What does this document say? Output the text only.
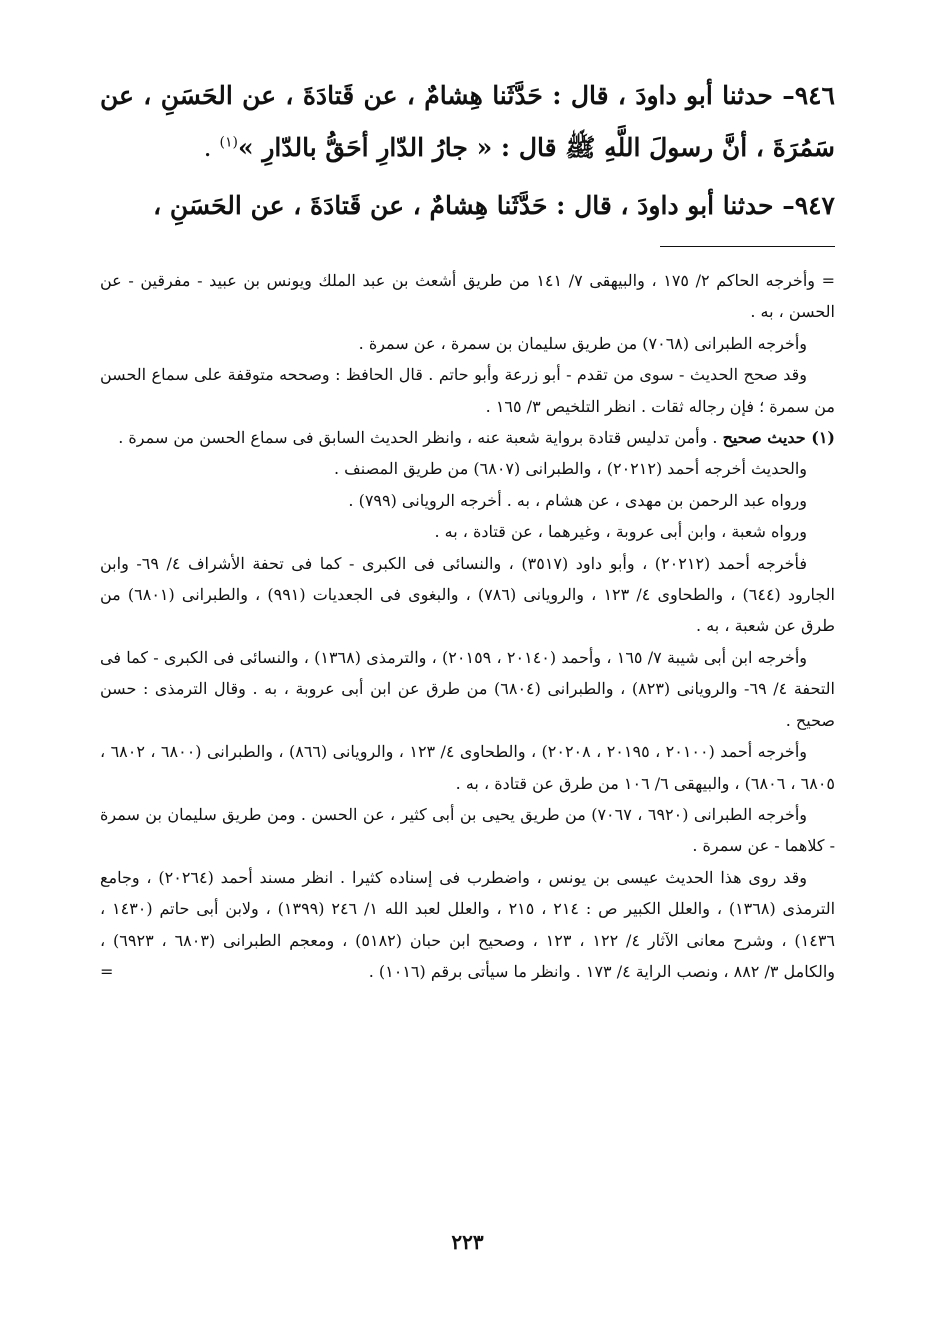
٩٤٦– حدثنا أبو داودَ ، قال : حَدَّثَنا هِشامٌ ، عن قَتادَةَ ، عن الحَسَنِ ، عن سَمُرَةَ ، أنَّ رسولَ اللَّهِ ﷺ قال : « جارُ الدّارِ أحَقُّ بالدّارِ »$^{(١)}$ .

٩٤٧– حدثنا أبو داودَ ، قال : حَدَّثَنا هِشامٌ ، عن قَتادَةَ ، عن الحَسَنِ ،

= وأخرجه الحاكم ٢/ ١٧٥ ، والبيهقى ٧/ ١٤١ من طريق أشعث بن عبد الملك ويونس بن عبيد - مفرقين - عن الحسن ، به .

وأخرجه الطبرانى (٧٠٦٨) من طريق سليمان بن سمرة ، عن سمرة .

وقد صحح الحديث - سوى من تقدم - أبو زرعة وأبو حاتم . قال الحافظ : وصححه متوقفة على سماع الحسن من سمرة ؛ فإن رجاله ثقات . انظر التلخيص ٣/ ١٦٥ .

(١) حديث صحيح . وأمن تدليس قتادة برواية شعبة عنه ، وانظر الحديث السابق فى سماع الحسن من سمرة .

والحديث أخرجه أحمد (٢٠٢١٢) ، والطبرانى (٦٨٠٧) من طريق المصنف .

ورواه عبد الرحمن بن مهدى ، عن هشام ، به . أخرجه الرويانى (٧٩٩) .

ورواه شعبة ، وابن أبى عروبة ، وغيرهما ، عن قتادة ، به .

فأخرجه أحمد (٢٠٢١٢) ، وأبو داود (٣٥١٧) ، والنسائى فى الكبرى - كما فى تحفة الأشراف ٤/ ٦٩- وابن الجارود (٦٤٤) ، والطحاوى ٤/ ١٢٣ ، والرويانى (٧٨٦) ، والبغوى فى الجعديات (٩٩١) ، والطبرانى (٦٨٠١) من طرق عن شعبة ، به .

وأخرجه ابن أبى شيبة ٧/ ١٦٥ ، وأحمد (٢٠١٤٠ ، ٢٠١٥٩) ، والترمذى (١٣٦٨) ، والنسائى فى الكبرى - كما فى التحفة ٤/ ٦٩- والرويانى (٨٢٣) ، والطبرانى (٦٨٠٤) من طرق عن ابن أبى عروبة ، به . وقال الترمذى : حسن صحيح .

وأخرجه أحمد (٢٠١٠٠ ، ٢٠١٩٥ ، ٢٠٢٠٨) ، والطحاوى ٤/ ١٢٣ ، والرويانى (٨٦٦) ، والطبرانى (٦٨٠٠ ، ٦٨٠٢ ، ٦٨٠٥ ، ٦٨٠٦) ، والبيهقى ٦/ ١٠٦ من طرق عن قتادة ، به .

وأخرجه الطبرانى (٦٩٢٠ ، ٧٠٦٧) من طريق يحيى بن أبى كثير ، عن الحسن . ومن طريق سليمان بن سمرة - كلاهما - عن سمرة .

وقد روى هذا الحديث عيسى بن يونس ، واضطرب فى إسناده كثيرا . انظر مسند أحمد (٢٠٢٦٤) ، وجامع الترمذى (١٣٦٨) ، والعلل الكبير ص : ٢١٤ ، ٢١٥ ، والعلل لعبد الله ١/ ٢٤٦ (١٣٩٩) ، ولابن أبى حاتم (١٤٣٠ ، ١٤٣٦) ، وشرح معانى الآثار ٤/ ١٢٢ ، ١٢٣ ، وصحيح ابن حبان (٥١٨٢) ، ومعجم الطبرانى (٦٨٠٣ ، ٦٩٢٣) ، والكامل ٣/ ٨٨٢ ، ونصب الراية ٤/ ١٧٣ . وانظر ما سيأتى برقم (١٠١٦) .
=

٢٢٣
